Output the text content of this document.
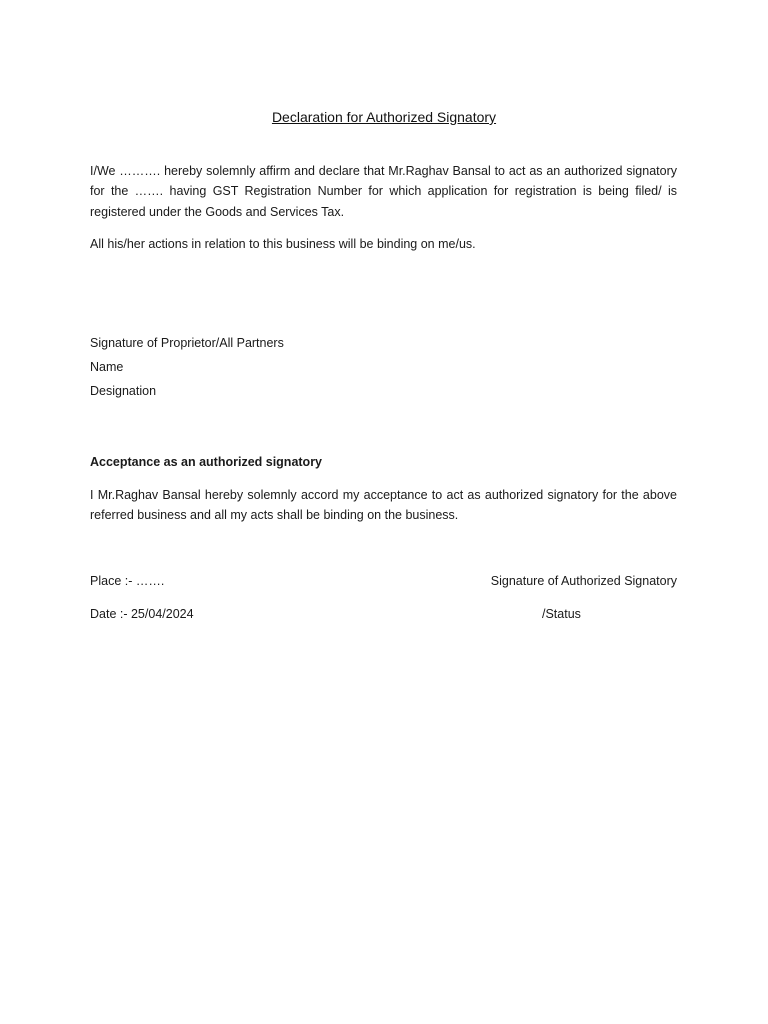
Declaration for Authorized Signatory
I/We ………. hereby solemnly affirm and declare that Mr.Raghav Bansal to act as an authorized signatory for the ……. having GST Registration Number for which application for registration is being filed/ is registered under the Goods and Services Tax.
All his/her actions in relation to this business will be binding on me/us.
Signature of Proprietor/All Partners
Name
Designation
Acceptance as an authorized signatory
I Mr.Raghav Bansal hereby solemnly accord my acceptance to act as authorized signatory for the above referred business and all my acts shall be binding on the business.
Place :- …….	Signature of Authorized Signatory
Date :- 25/04/2024	/Status
